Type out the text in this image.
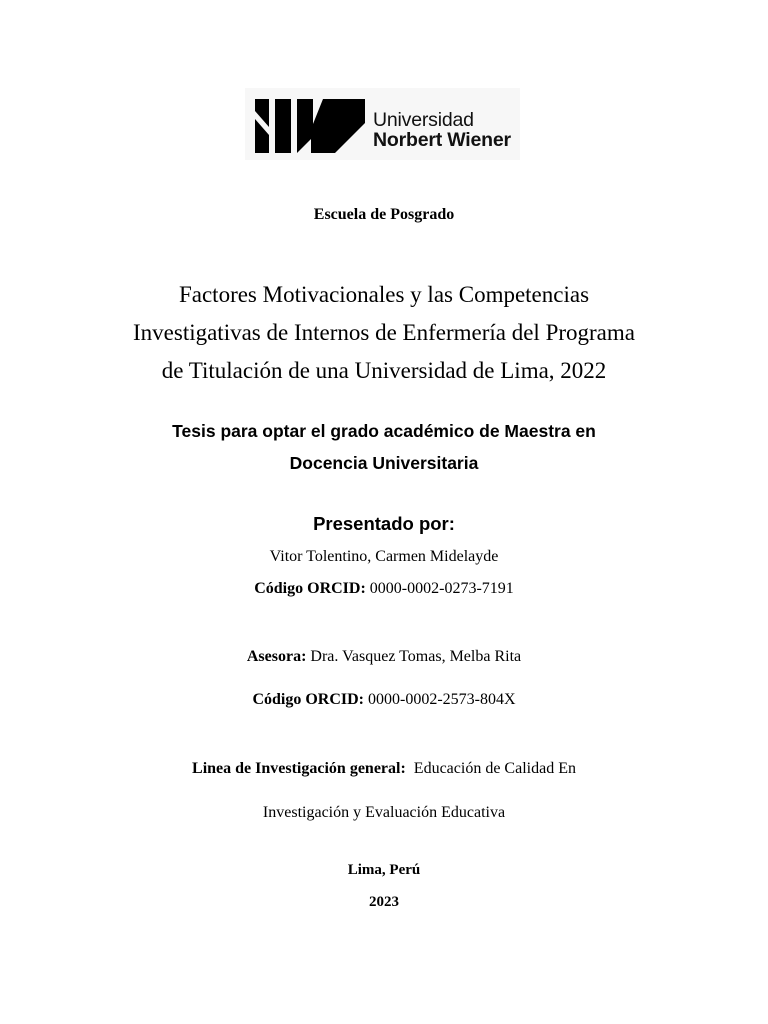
Universidad
Norbert Wiener
Escuela de Posgrado
Factores Motivacionales y las Competencias
Investigativas de Internos de Enfermería del Programa
de Titulación de una Universidad de Lima, 2022
Tesis para optar el grado académico de Maestra en
Docencia Universitaria
Presentado por:
Vitor Tolentino, Carmen Midelayde
Código ORCID: 0000-0002-0273-7191
Asesora: Dra. Vasquez Tomas, Melba Rita
Código ORCID: 0000-0002-2573-804X
Linea de Investigación general: Educación de Calidad En
Investigación y Evaluación Educativa
Lima, Perú
2023
